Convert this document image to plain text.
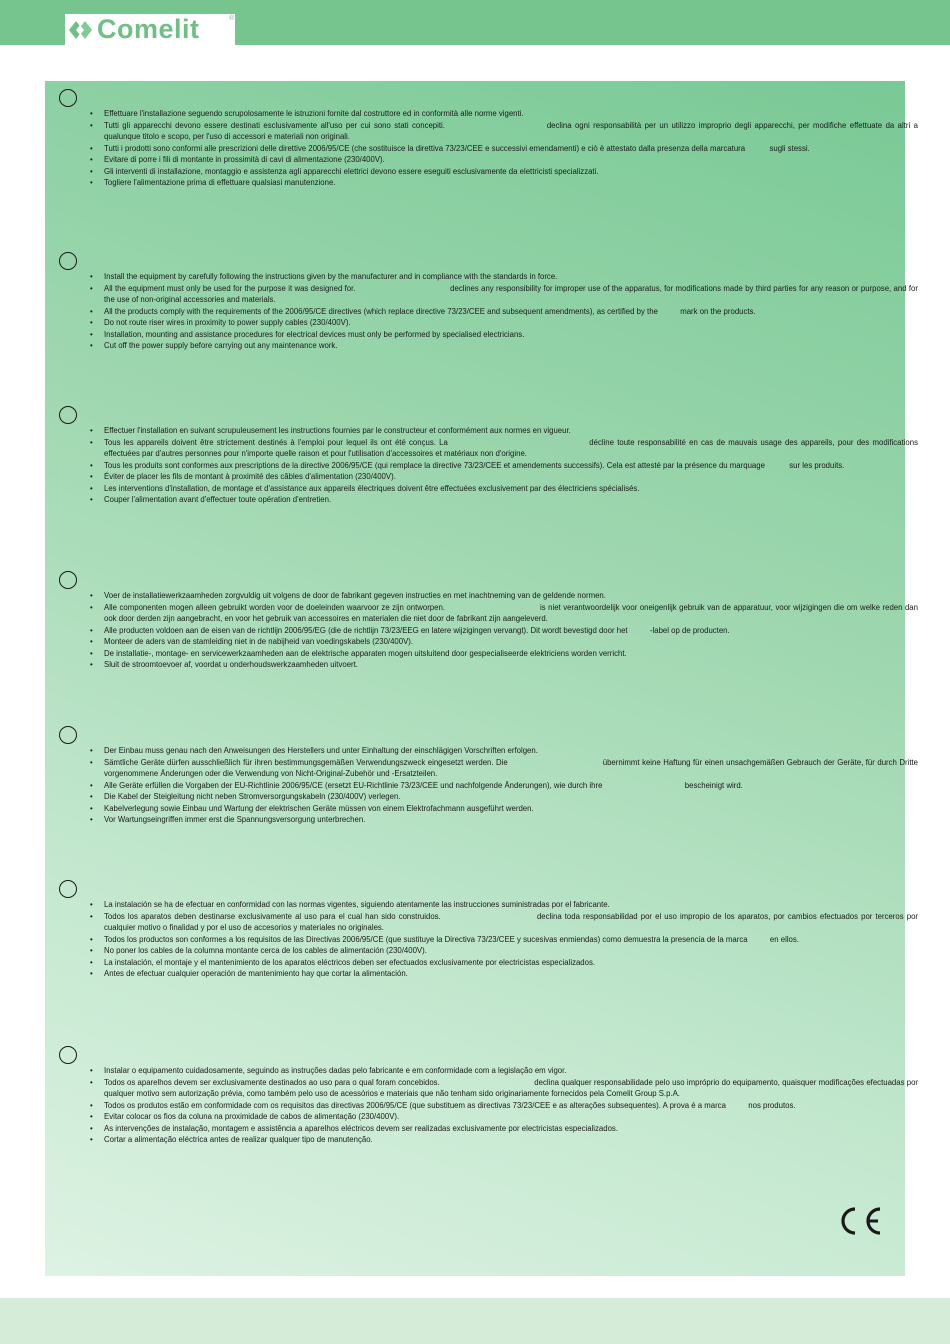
Comelit	®
• Effettuare l'installazione seguendo scrupolosamente le istruzioni fornite dal costruttore ed in conformità alle norme vigenti.
• Tutti gli apparecchi devono essere destinati esclusivamente all'uso per cui sono stati concepiti.	declina ogni responsabilità per un utilizzo improprio degli apparecchi, per modifiche effettuate da altri a qualunque titolo e scopo, per l'uso di accessori e materiali non originali.
• Tutti i prodotti sono conformi alle prescrizioni delle direttive 2006/95/CE (che sostituisce la direttiva 73/23/CEE e successivi emendamenti) e ciò è attestato dalla presenza della marcatura	sugli stessi.
• Evitare di porre i fili di montante in prossimità di cavi di alimentazione (230/400V).
• Gli interventi di installazione, montaggio e assistenza agli apparecchi elettrici devono essere eseguiti esclusivamente da elettricisti specializzati.
• Togliere l'alimentazione prima di effettuare qualsiasi manutenzione.
• Install the equipment by carefully following the instructions given by the manufacturer and in compliance with the standards in force.
• All the equipment must only be used for the purpose it was designed for.	declines any responsibility for improper use of the apparatus, for modifications made by third parties for any reason or purpose, and for the use of non-original accessories and materials.
• All the products comply with the requirements of the 2006/95/CE directives (which replace directive 73/23/CEE and subsequent amendments), as certified by the	mark on the products.
• Do not route riser wires in proximity to power supply cables (230/400V).
• Installation, mounting and assistance procedures for electrical devices must only be performed by specialised electricians.
• Cut off the power supply before carrying out any maintenance work.
• Effectuer l'installation en suivant scrupuleusement les instructions fournies par le constructeur et conformément aux normes en vigueur.
• Tous les appareils doivent être strictement destinés à l'emploi pour lequel ils ont été conçus. La	décline toute responsabilité en cas de mauvais usage des appareils, pour des modifications effectuées par d'autres personnes pour n'importe quelle raison et pour l'utilisation d'accessoires et matériaux non d'origine.
• Tous les produits sont conformes aux prescriptions de la directive 2006/95/CE (qui remplace la directive 73/23/CEE et amendements successifs). Cela est attesté par la présence du marquage	sur les produits.
• Éviter de placer les fils de montant à proximité des câbles d'alimentation (230/400V).
• Les interventions d'installation, de montage et d'assistance aux appareils électriques doivent être effectuées exclusivement par des électriciens spécialisés.
• Couper l'alimentation avant d'effectuer toute opération d'entretien.
• Voer de installatiewerkzaamheden zorgvuldig uit volgens de door de fabrikant gegeven instructies en met inachtneming van de geldende normen.
• Alle componenten mogen alleen gebruikt worden voor de doeleinden waarvoor ze zijn ontworpen.	is niet verantwoordelijk voor oneigenlijk gebruik van de apparatuur, voor wijzigingen die om welke reden dan ook door derden zijn aangebracht, en voor het gebruik van accessoires en materialen die niet door de fabrikant zijn aangeleverd.
• Alle producten voldoen aan de eisen van de richtlijn 2006/95/EG (die de richtlijn 73/23/EEG en latere wijzigingen vervangt). Dit wordt bevestigd door het	-label op de producten.
• Monteer de aders van de stamleiding niet in de nabijheid van voedingskabels (230/400V).
• De installatie-, montage- en servicewerkzaamheden aan de elektrische apparaten mogen uitsluitend door gespecialiseerde elektriciens worden verricht.
• Sluit de stroomtoevoer af, voordat u onderhoudswerkzaamheden uitvoert.
• Der Einbau muss genau nach den Anweisungen des Herstellers und unter Einhaltung der einschlägigen Vorschriften erfolgen.
• Sämtliche Geräte dürfen ausschließlich für ihren bestimmungsgemäßen Verwendungszweck eingesetzt werden. Die	übernimmt keine Haftung für einen unsachgemäßen Gebrauch der Geräte, für durch Dritte vorgenommene Änderungen oder die Verwendung von Nicht-Original-Zubehör und -Ersatzteilen.
• Alle Geräte erfüllen die Vorgaben der EU-Richtlinie 2006/95/CE (ersetzt EU-Richtlinie 73/23/CEE und nachfolgende Änderungen), wie durch ihre	bescheinigt wird.
• Die Kabel der Steigleitung nicht neben Stromversorgungskabeln (230/400V) verlegen.
• Kabelverlegung sowie Einbau und Wartung der elektrischen Geräte müssen von einem Elektrofachmann ausgeführt werden.
• Vor Wartungseingriffen immer erst die Spannungsversorgung unterbrechen.
• La instalación se ha de efectuar en conformidad con las normas vigentes, siguiendo atentamente las instrucciones suministradas por el fabricante.
• Todos los aparatos deben destinarse exclusivamente al uso para el cual han sido construidos.	declina toda responsabilidad por el uso impropio de los aparatos, por cambios efectuados por terceros por cualquier motivo o finalidad y por el uso de accesorios y materiales no originales.
• Todos los productos son conformes a los requisitos de las Directivas 2006/95/CE (que sustituye la Directiva 73/23/CEE y sucesivas enmiendas) como demuestra la presencia de la marca	en ellos.
• No poner los cables de la columna montante cerca de los cables de alimentación (230/400V).
• La instalación, el montaje y el mantenimiento de los aparatos eléctricos deben ser efectuados exclusivamente por electricistas especializados.
• Antes de efectuar cualquier operación de mantenimiento hay que cortar la alimentación.
• Instalar o equipamento cuidadosamente, seguindo as instruções dadas pelo fabricante e em conformidade com a legislação em vigor.
• Todos os aparelhos devem ser exclusivamente destinados ao uso para o qual foram concebidos.	declina qualquer responsabilidade pelo uso impróprio do equipamento, quaisquer modificações efectuadas por qualquer motivo sem autorização prévia, como também pelo uso de acessórios e materiais que não tenham sido originariamente fornecidos pela Comelit Group S.p.A.
• Todos os produtos estão em conformidade com os requisitos das directivas 2006/95/CE (que substituem as directivas 73/23/CEE e as alterações subsequentes). A prova é a marca	nos produtos.
• Evitar colocar os fios da coluna na proximidade de cabos de alimentação (230/400V).
• As intervenções de instalação, montagem e assistência a aparelhos eléctricos devem ser realizadas exclusivamente por electricistas especializados.
• Cortar a alimentação eléctrica antes de realizar qualquer tipo de manutenção.
